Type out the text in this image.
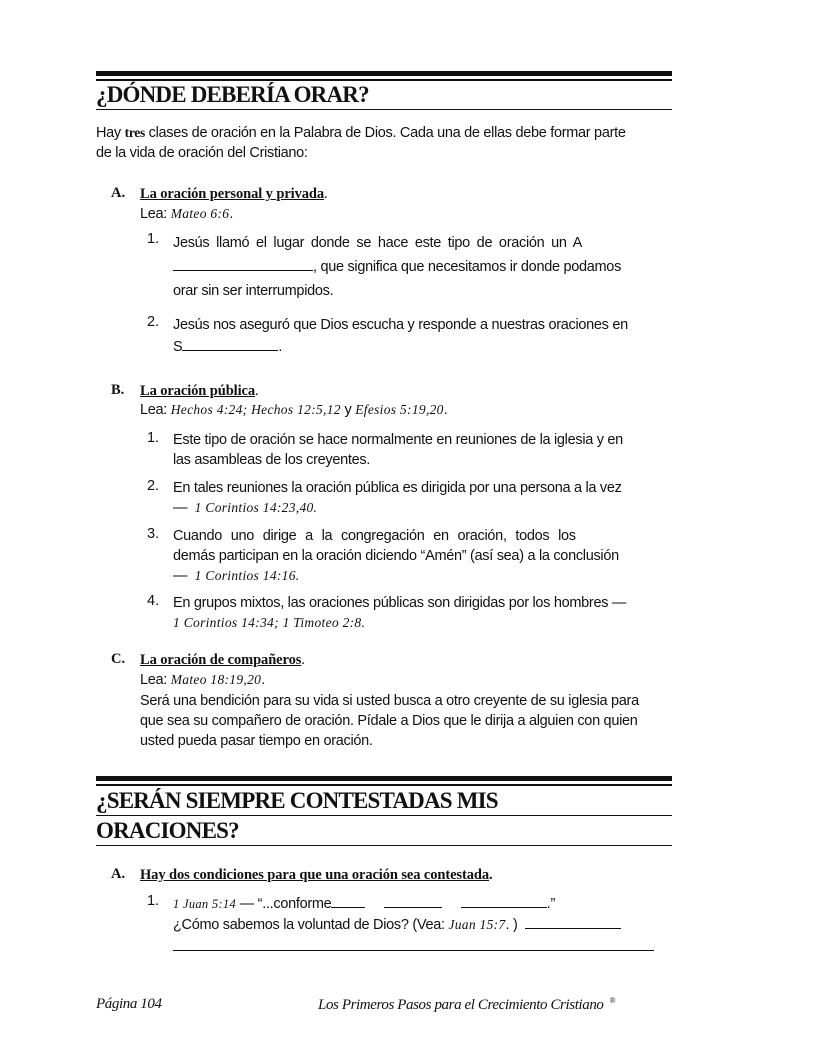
¿DÓNDE DEBERÍA ORAR?
Hay tres clases de oración en la Palabra de Dios. Cada una de ellas debe formar parte
de la vida de oración del Cristiano:
A. La oración personal y privada.
Lea: Mateo 6:6.
1. Jesús llamó el lugar donde se hace este tipo de oración un A
, que significa que necesitamos ir donde podamos
orar sin ser interrumpidos.
2. Jesús nos aseguró que Dios escucha y responde a nuestras oraciones en
S	.
B. La oración pública.
Lea: Hechos 4:24; Hechos 12:5,12 y Efesios 5:19,20.
1. Este tipo de oración se hace normalmente en reuniones de la iglesia y en
las asambleas de los creyentes.
2. En tales reuniones la oración pública es dirigida por una persona a la vez
— 1 Corintios 14:23,40.
3. Cuando uno dirige a la congregación en oración, todos los
demás participan en la oración diciendo “Amén” (así sea) a la conclusión
— 1 Corintios 14:16.
4. En grupos mixtos, las oraciones públicas son dirigidas por los hombres —
1 Corintios 14:34; 1 Timoteo 2:8.
C. La oración de compañeros.
Lea: Mateo 18:19,20.
Será una bendición para su vida si usted busca a otro creyente de su iglesia para
que sea su compañero de oración. Pídale a Dios que le dirija a alguien con quien
usted pueda pasar tiempo en oración.
¿SERÁN SIEMPRE CONTESTADAS MIS
ORACIONES?
A. Hay dos condiciones para que una oración sea contestada.
1. 1 Juan 5:14 — “...conforme	.”
¿Cómo sabemos la voluntad de Dios? (Vea: Juan 15:7. )
Página 104	Los Primeros Pasos para el Crecimiento Cristiano ®
